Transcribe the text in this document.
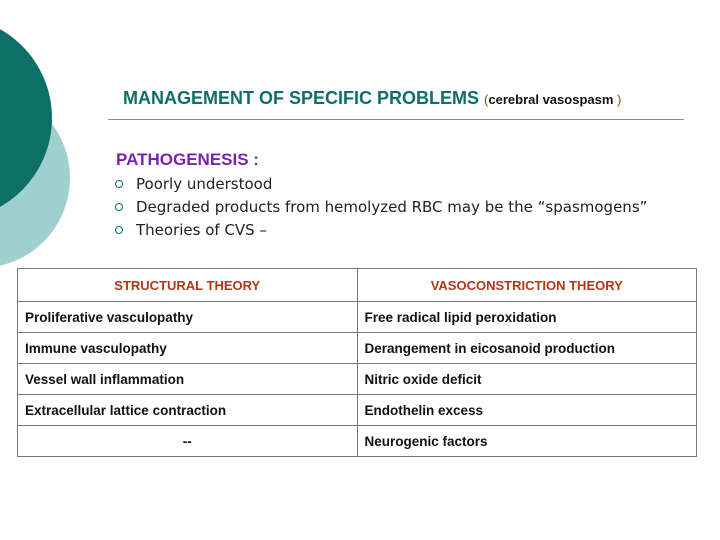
MANAGEMENT OF SPECIFIC PROBLEMS (cerebral vasospasm )
PATHOGENESIS :
Poorly understood
Degraded products from hemolyzed RBC may be the “spasmogens”
Theories of CVS –
STRUCTURAL THEORY	VASOCONSTRICTION THEORY
Proliferative vasculopathy	Free radical lipid peroxidation
Immune vasculopathy	Derangement in eicosanoid production
Vessel wall inflammation	Nitric oxide deficit
Extracellular lattice contraction	Endothelin excess
--	Neurogenic factors
